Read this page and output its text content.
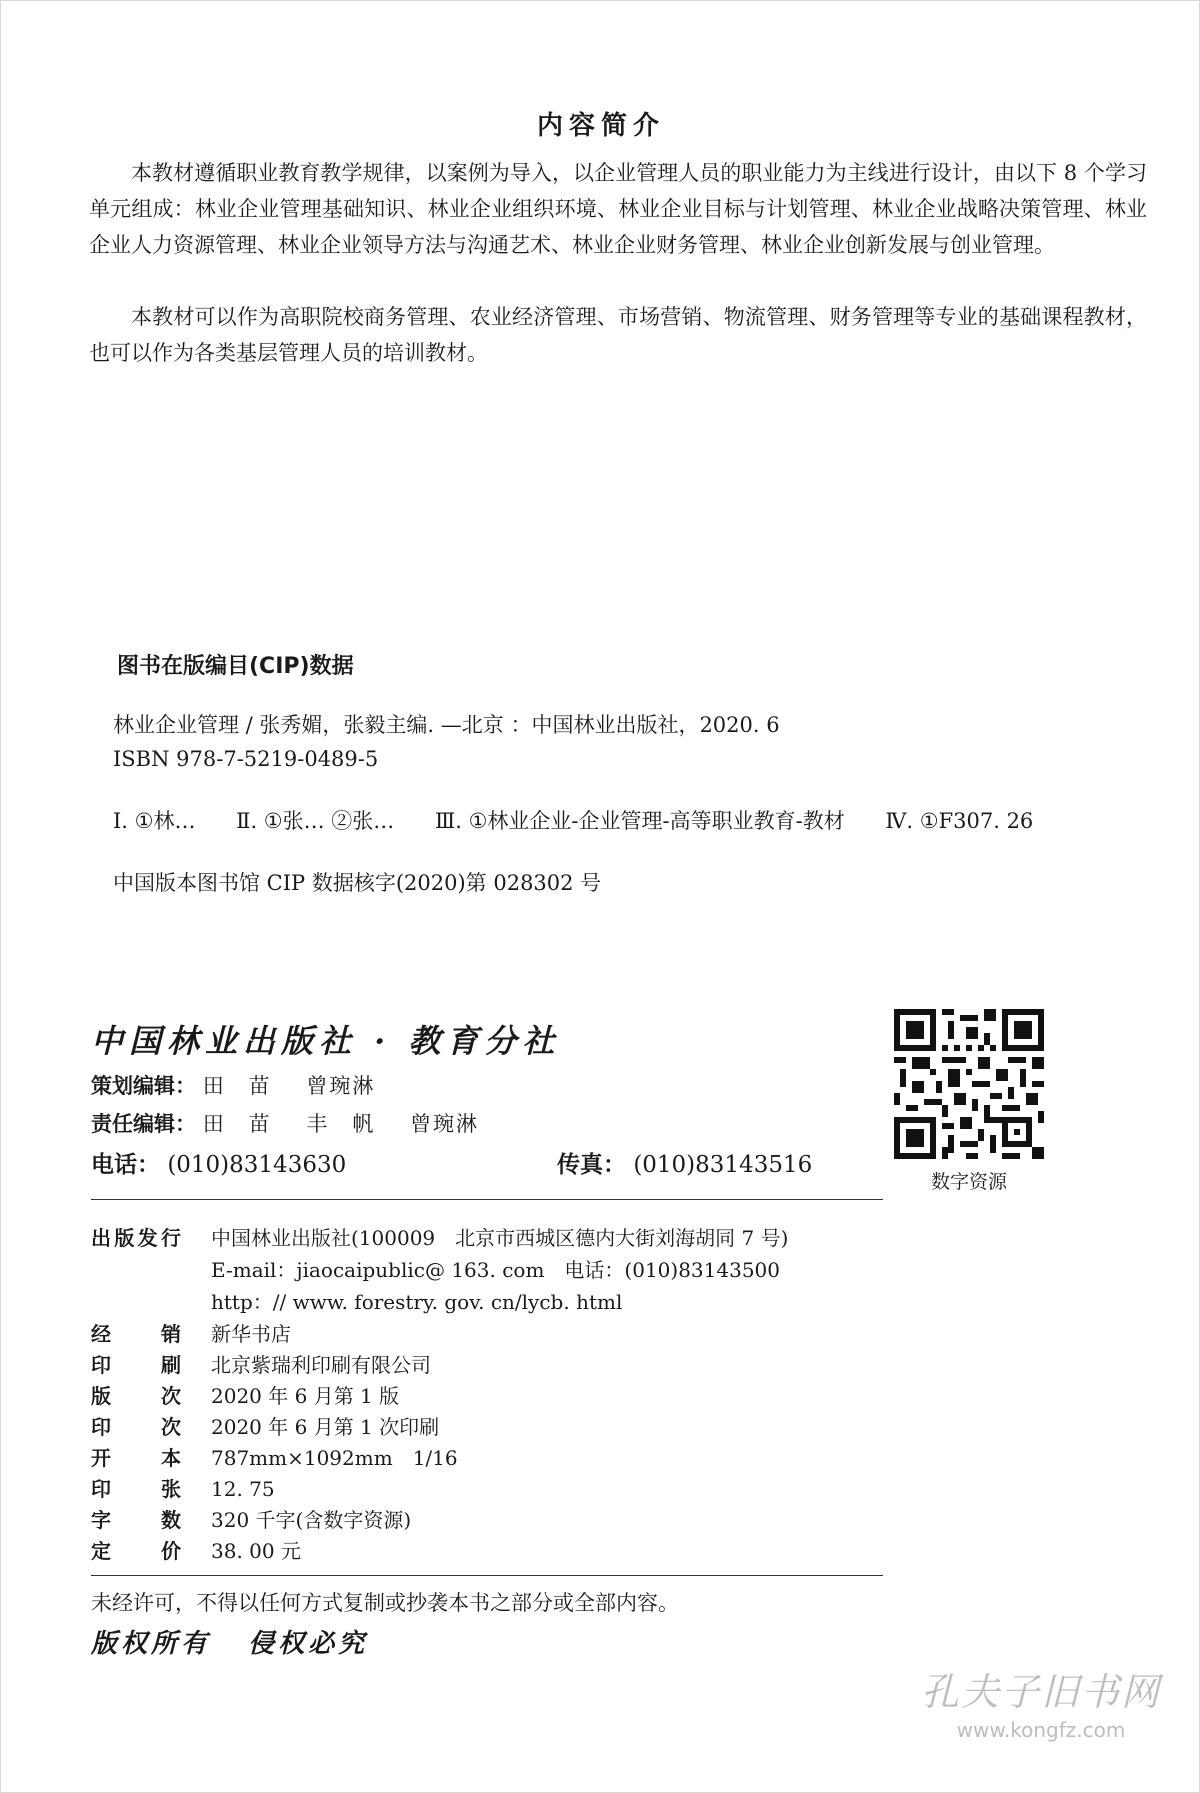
内容简介

本教材遵循职业教育教学规律，以案例为导入，以企业管理人员的职业能力为主线进行设计，由以下 8 个学习单元组成：林业企业管理基础知识、林业企业组织环境、林业企业目标与计划管理、林业企业战略决策管理、林业企业人力资源管理、林业企业领导方法与沟通艺术、林业企业财务管理、林业企业创新发展与创业管理。

本教材可以作为高职院校商务管理、农业经济管理、市场营销、物流管理、财务管理等专业的基础课程教材，也可以作为各类基层管理人员的培训教材。

图书在版编目(CIP)数据
林业企业管理 / 张秀媚，张毅主编. —北京 ：中国林业出版社，2020. 6
ISBN 978-7-5219-0489-5
Ⅰ. ①林… Ⅱ. ①张… ②张… Ⅲ. ①林业企业-企业管理-高等职业教育-教材 Ⅳ. ①F307. 26
中国版本图书馆 CIP 数据核字(2020)第 028302 号
中国林业出版社 · 教育分社
策划编辑： 田　苗 曾琬淋
责任编辑： 田　苗 丰　帆 曾琬淋
电话： (010)83143630	传真： (010)83143516
数字资源
出版发行 中国林业出版社(100009　北京市西城区德内大街刘海胡同 7 号)
E-mail：jiaocaipublic@ 163. com　电话：(010)83143500
http：// www. forestry. gov. cn/lycb. html
经　销 新华书店
印　刷 北京紫瑞利印刷有限公司
版　次 2020 年 6 月第 1 版
印　次 2020 年 6 月第 1 次印刷
开　本 787mm×1092mm　1/16
印　张 12. 75
字　数 320 千字(含数字资源)
定　价 38. 00 元
未经许可，不得以任何方式复制或抄袭本书之部分或全部内容。
版权所有 侵权必究
孔夫子旧书网
www.kongfz.com
